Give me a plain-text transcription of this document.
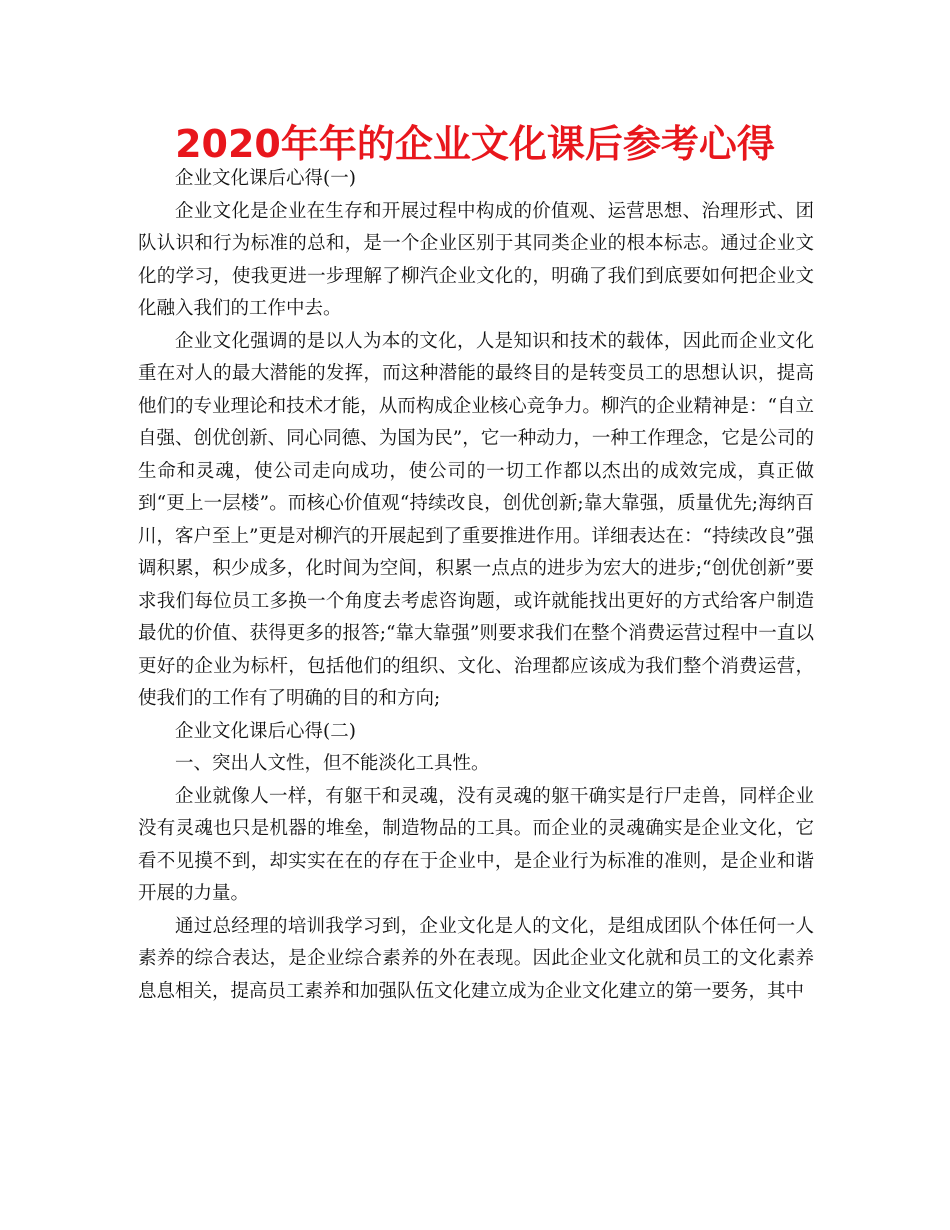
2020年年的企业文化课后参考心得

企业文化课后心得(一)

企业文化是企业在生存和开展过程中构成的价值观、运营思想、治理形式、团队认识和行为标准的总和，是一个企业区别于其同类企业的根本标志。通过企业文化的学习，使我更进一步理解了柳汽企业文化的，明确了我们到底要如何把企业文化融入我们的工作中去。

企业文化强调的是以人为本的文化，人是知识和技术的载体，因此而企业文化重在对人的最大潜能的发挥，而这种潜能的最终目的是转变员工的思想认识，提高他们的专业理论和技术才能，从而构成企业核心竞争力。柳汽的企业精神是：“自立自强、创优创新、同心同德、为国为民”，它一种动力，一种工作理念，它是公司的生命和灵魂，使公司走向成功，使公司的一切工作都以杰出的成效完成，真正做到“更上一层楼”。而核心价值观“持续改良，创优创新;靠大靠强，质量优先;海纳百川，客户至上”更是对柳汽的开展起到了重要推进作用。详细表达在：“持续改良”强调积累，积少成多，化时间为空间，积累一点点的进步为宏大的进步;“创优创新”要求我们每位员工多换一个角度去考虑咨询题，或许就能找出更好的方式给客户制造最优的价值、获得更多的报答;“靠大靠强”则要求我们在整个消费运营过程中一直以更好的企业为标杆，包括他们的组织、文化、治理都应该成为我们整个消费运营，使我们的工作有了明确的目的和方向;

企业文化课后心得(二)

一、突出人文性，但不能淡化工具性。

企业就像人一样，有躯干和灵魂，没有灵魂的躯干确实是行尸走兽，同样企业没有灵魂也只是机器的堆垒，制造物品的工具。而企业的灵魂确实是企业文化，它看不见摸不到，却实实在在的存在于企业中，是企业行为标准的准则，是企业和谐开展的力量。

通过总经理的培训我学习到，企业文化是人的文化，是组成团队个体任何一人素养的综合表达，是企业综合素养的外在表现。因此企业文化就和员工的文化素养息息相关，提高员工素养和加强队伍文化建立成为企业文化建立的第一要务，其中
